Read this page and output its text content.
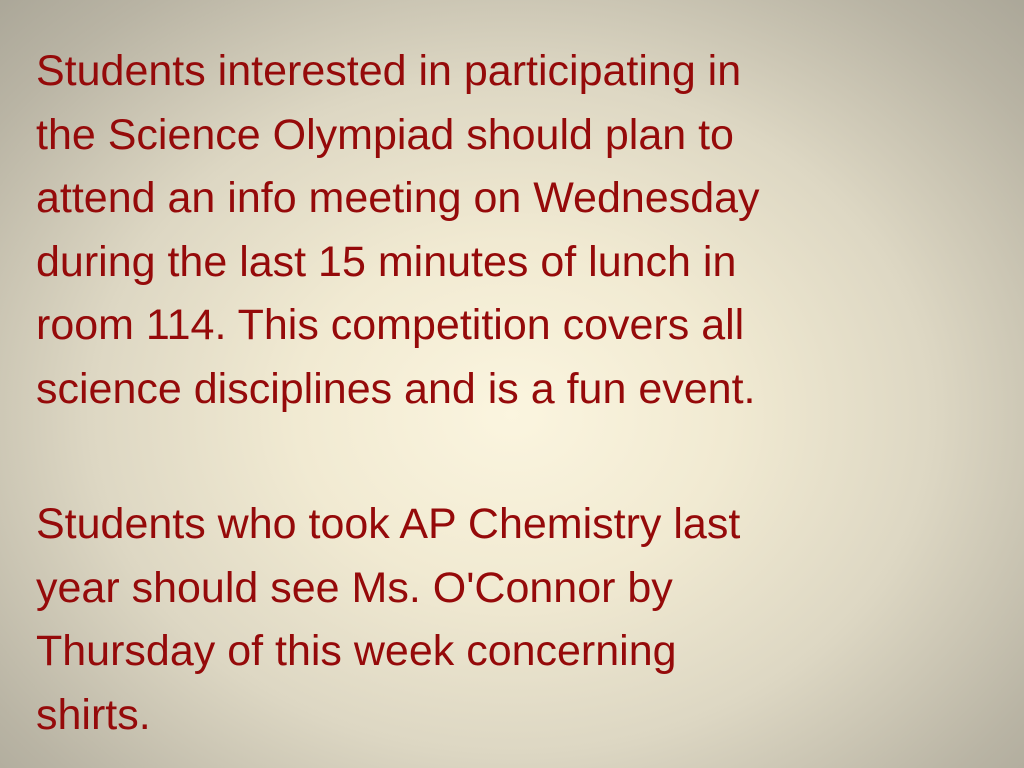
Students interested in participating in
the Science Olympiad should plan to
attend an info meeting on Wednesday
during the last 15 minutes of lunch in
room 114. This competition covers all
science disciplines and is a fun event.

Students who took AP Chemistry last
year should see Ms. O'Connor by
Thursday of this week concerning
shirts.
